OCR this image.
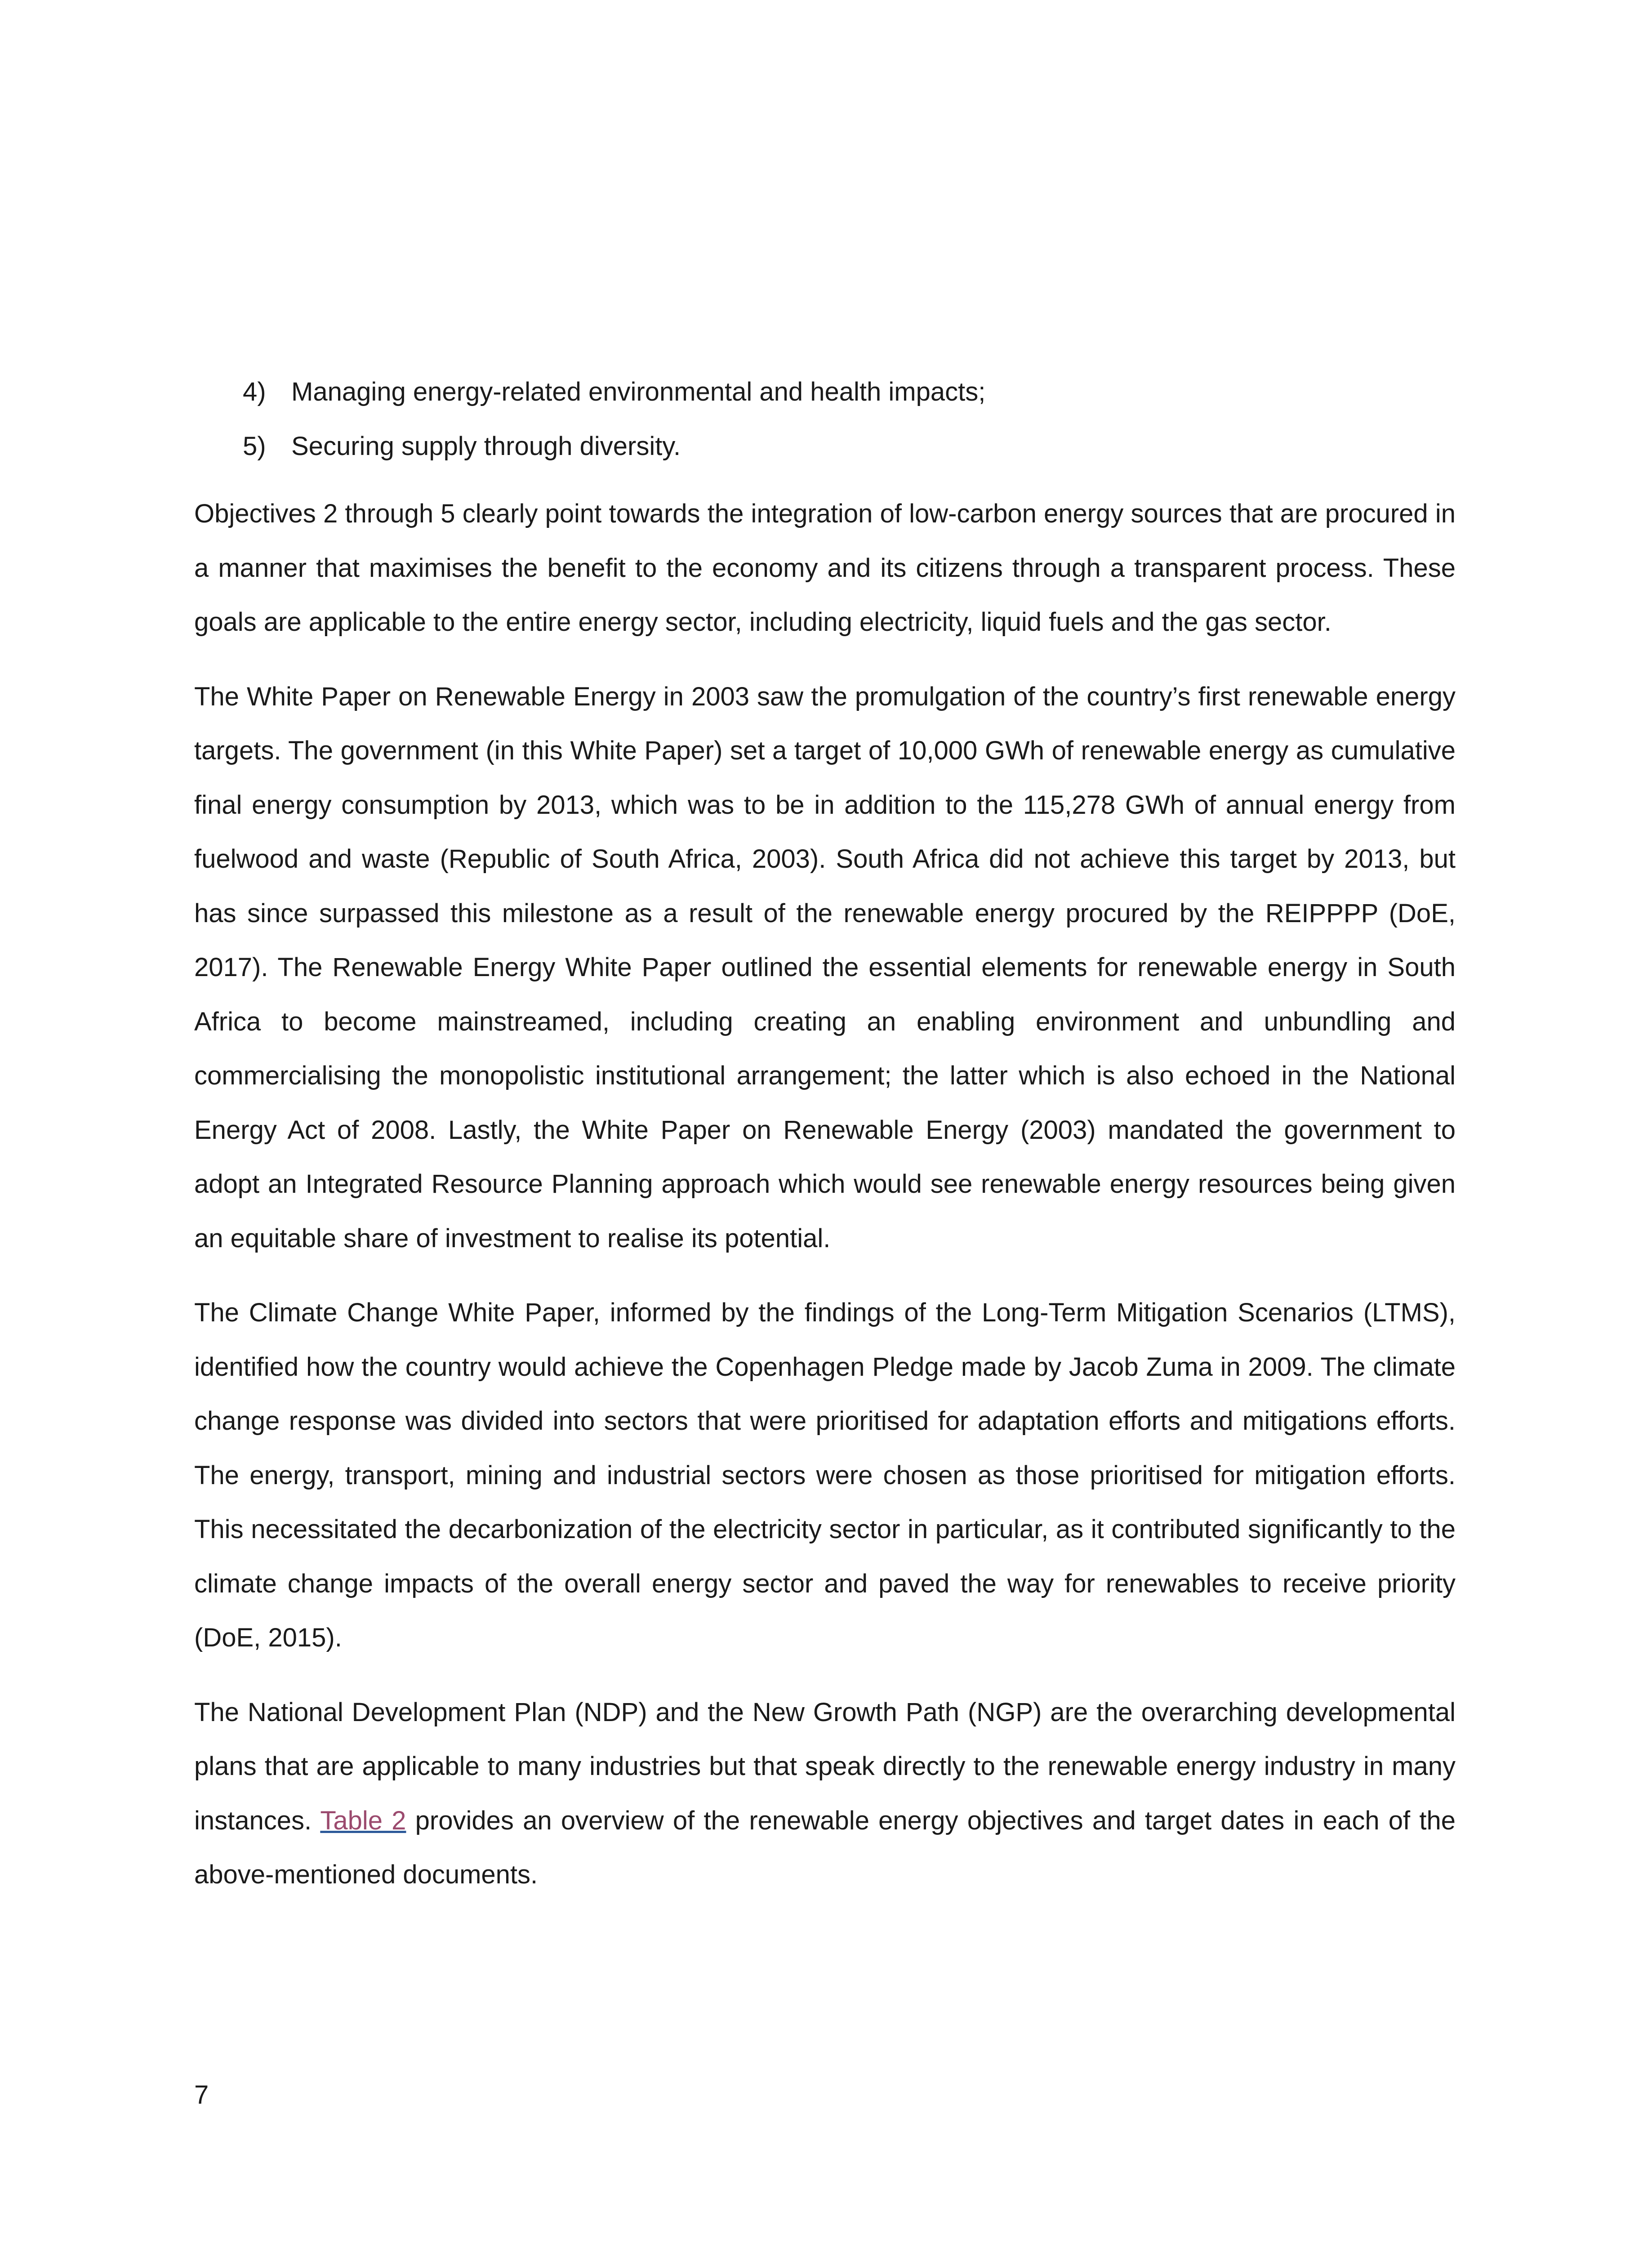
4) Managing energy-related environmental and health impacts;
5) Securing supply through diversity.

Objectives 2 through 5 clearly point towards the integration of low-carbon energy sources that are procured in a manner that maximises the benefit to the economy and its citizens through a transparent process. These goals are applicable to the entire energy sector, including electricity, liquid fuels and the gas sector.

The White Paper on Renewable Energy in 2003 saw the promulgation of the country’s first renewable energy targets. The government (in this White Paper) set a target of 10,000 GWh of renewable energy as cumulative final energy consumption by 2013, which was to be in addition to the 115,278 GWh of annual energy from fuelwood and waste (Republic of South Africa, 2003). South Africa did not achieve this target by 2013, but has since surpassed this milestone as a result of the renewable energy procured by the REIPPPP (DoE, 2017). The Renewable Energy White Paper outlined the essential elements for renewable energy in South Africa to become mainstreamed, including creating an enabling environment and unbundling and commercialising the monopolistic institutional arrangement; the latter which is also echoed in the National Energy Act of 2008. Lastly, the White Paper on Renewable Energy (2003) mandated the government to adopt an Integrated Resource Planning approach which would see renewable energy resources being given an equitable share of investment to realise its potential.

The Climate Change White Paper, informed by the findings of the Long-Term Mitigation Scenarios (LTMS), identified how the country would achieve the Copenhagen Pledge made by Jacob Zuma in 2009. The climate change response was divided into sectors that were prioritised for adaptation efforts and mitigations efforts. The energy, transport, mining and industrial sectors were chosen as those prioritised for mitigation efforts. This necessitated the decarbonization of the electricity sector in particular, as it contributed significantly to the climate change impacts of the overall energy sector and paved the way for renewables to receive priority (DoE, 2015).

The National Development Plan (NDP) and the New Growth Path (NGP) are the overarching developmental plans that are applicable to many industries but that speak directly to the renewable energy industry in many instances. Table 2 provides an overview of the renewable energy objectives and target dates in each of the above-mentioned documents.

7
